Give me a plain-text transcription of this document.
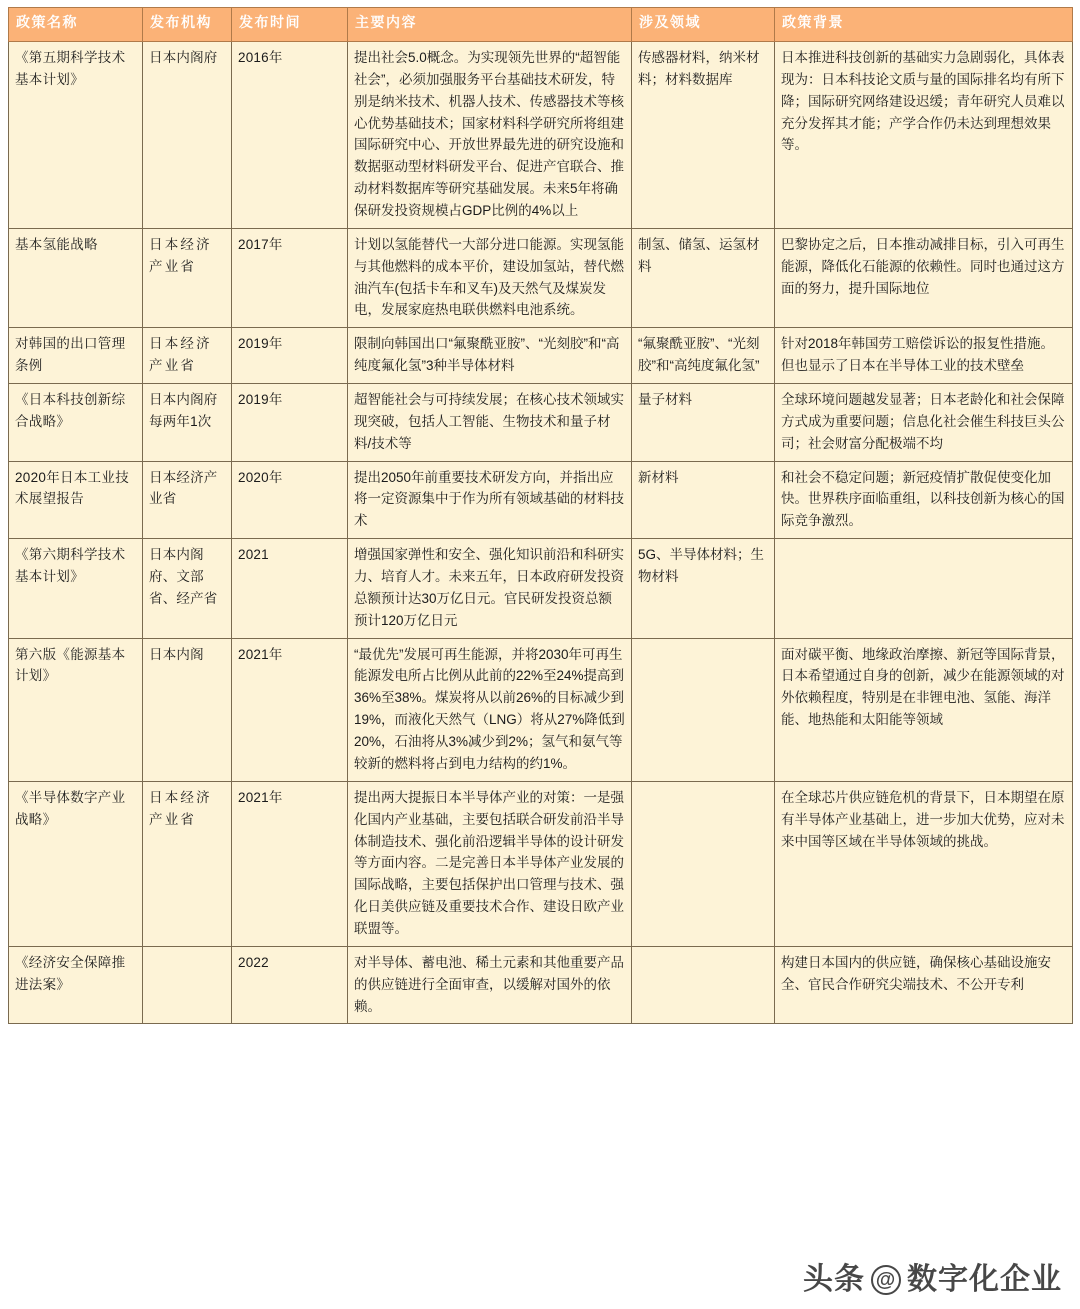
政策名称	发布机构	发布时间	主要内容	涉及领域	政策背景
《第五期科学技术基本计划》	日本内阁府	2016年	提出社会5.0概念。为实现领先世界的“超智能社会”，必须加强服务平台基础技术研发，特别是纳米技术、机器人技术、传感器技术等核心优势基础技术；国家材料科学研究所将组建国际研究中心、开放世界最先进的研究设施和数据驱动型材料研发平台、促进产官联合、推动材料数据库等研究基础发展。未来5年将确保研发投资规模占GDP比例的4%以上	传感器材料，纳米材料；材料数据库	日本推进科技创新的基础实力急剧弱化，具体表现为：日本科技论文质与量的国际排名均有所下降；国际研究网络建设迟缓；青年研究人员难以充分发挥其才能；产学合作仍未达到理想效果等。
基本氢能战略	日本经济产业省	2017年	计划以氢能替代一大部分进口能源。实现氢能与其他燃料的成本平价，建设加氢站，替代燃油汽车(包括卡车和叉车)及天然气及煤炭发电，发展家庭热电联供燃料电池系统。	制氢、储氢、运氢材料	巴黎协定之后，日本推动减排目标，引入可再生能源，降低化石能源的依赖性。同时也通过这方面的努力，提升国际地位
对韩国的出口管理条例	日本经济产业省	2019年	限制向韩国出口“氟聚酰亚胺”、“光刻胶”和“高纯度氟化氢”3种半导体材料	“氟聚酰亚胺”、“光刻胶”和“高纯度氟化氢”	针对2018年韩国劳工赔偿诉讼的报复性措施。但也显示了日本在半导体工业的技术壁垒
《日本科技创新综合战略》	日本内阁府每两年1次	2019年	超智能社会与可持续发展；在核心技术领域实现突破，包括人工智能、生物技术和量子材料/技术等	量子材料	全球环境问题越发显著；日本老龄化和社会保障方式成为重要问题；信息化社会催生科技巨头公司；社会财富分配极端不均
2020年日本工业技术展望报告	日本经济产业省	2020年	提出2050年前重要技术研发方向，并指出应将一定资源集中于作为所有领域基础的材料技术	新材料	和社会不稳定问题；新冠疫情扩散促使变化加快。世界秩序面临重组，以科技创新为核心的国际竞争激烈。
《第六期科学技术基本计划》	日本内阁府、文部省、经产省	2021	增强国家弹性和安全、强化知识前沿和科研实力、培育人才。未来五年，日本政府研发投资总额预计达30万亿日元。官民研发投资总额预计120万亿日元	5G、半导体材料；生物材料	
第六版《能源基本计划》	日本内阁	2021年	“最优先”发展可再生能源，并将2030年可再生能源发电所占比例从此前的22%至24%提高到36%至38%。煤炭将从以前26%的目标减少到19%，而液化天然气（LNG）将从27%降低到20%，石油将从3%减少到2%；氢气和氨气等较新的燃料将占到电力结构的约1%。		面对碳平衡、地缘政治摩擦、新冠等国际背景，日本希望通过自身的创新，减少在能源领域的对外依赖程度，特别是在非锂电池、氢能、海洋能、地热能和太阳能等领域
《半导体数字产业战略》	日本经济产业省	2021年	提出两大提振日本半导体产业的对策：一是强化国内产业基础，主要包括联合研发前沿半导体制造技术、强化前沿逻辑半导体的设计研发等方面内容。二是完善日本半导体产业发展的国际战略，主要包括保护出口管理与技术、强化日美供应链及重要技术合作、建设日欧产业联盟等。		在全球芯片供应链危机的背景下，日本期望在原有半导体产业基础上，进一步加大优势，应对未来中国等区域在半导体领域的挑战。
《经济安全保障推进法案》		2022	对半导体、蓄电池、稀土元素和其他重要产品的供应链进行全面审查，以缓解对国外的依赖。		构建日本国内的供应链，确保核心基础设施安全、官民合作研究尖端技术、不公开专利
头条 @ 数字化企业
